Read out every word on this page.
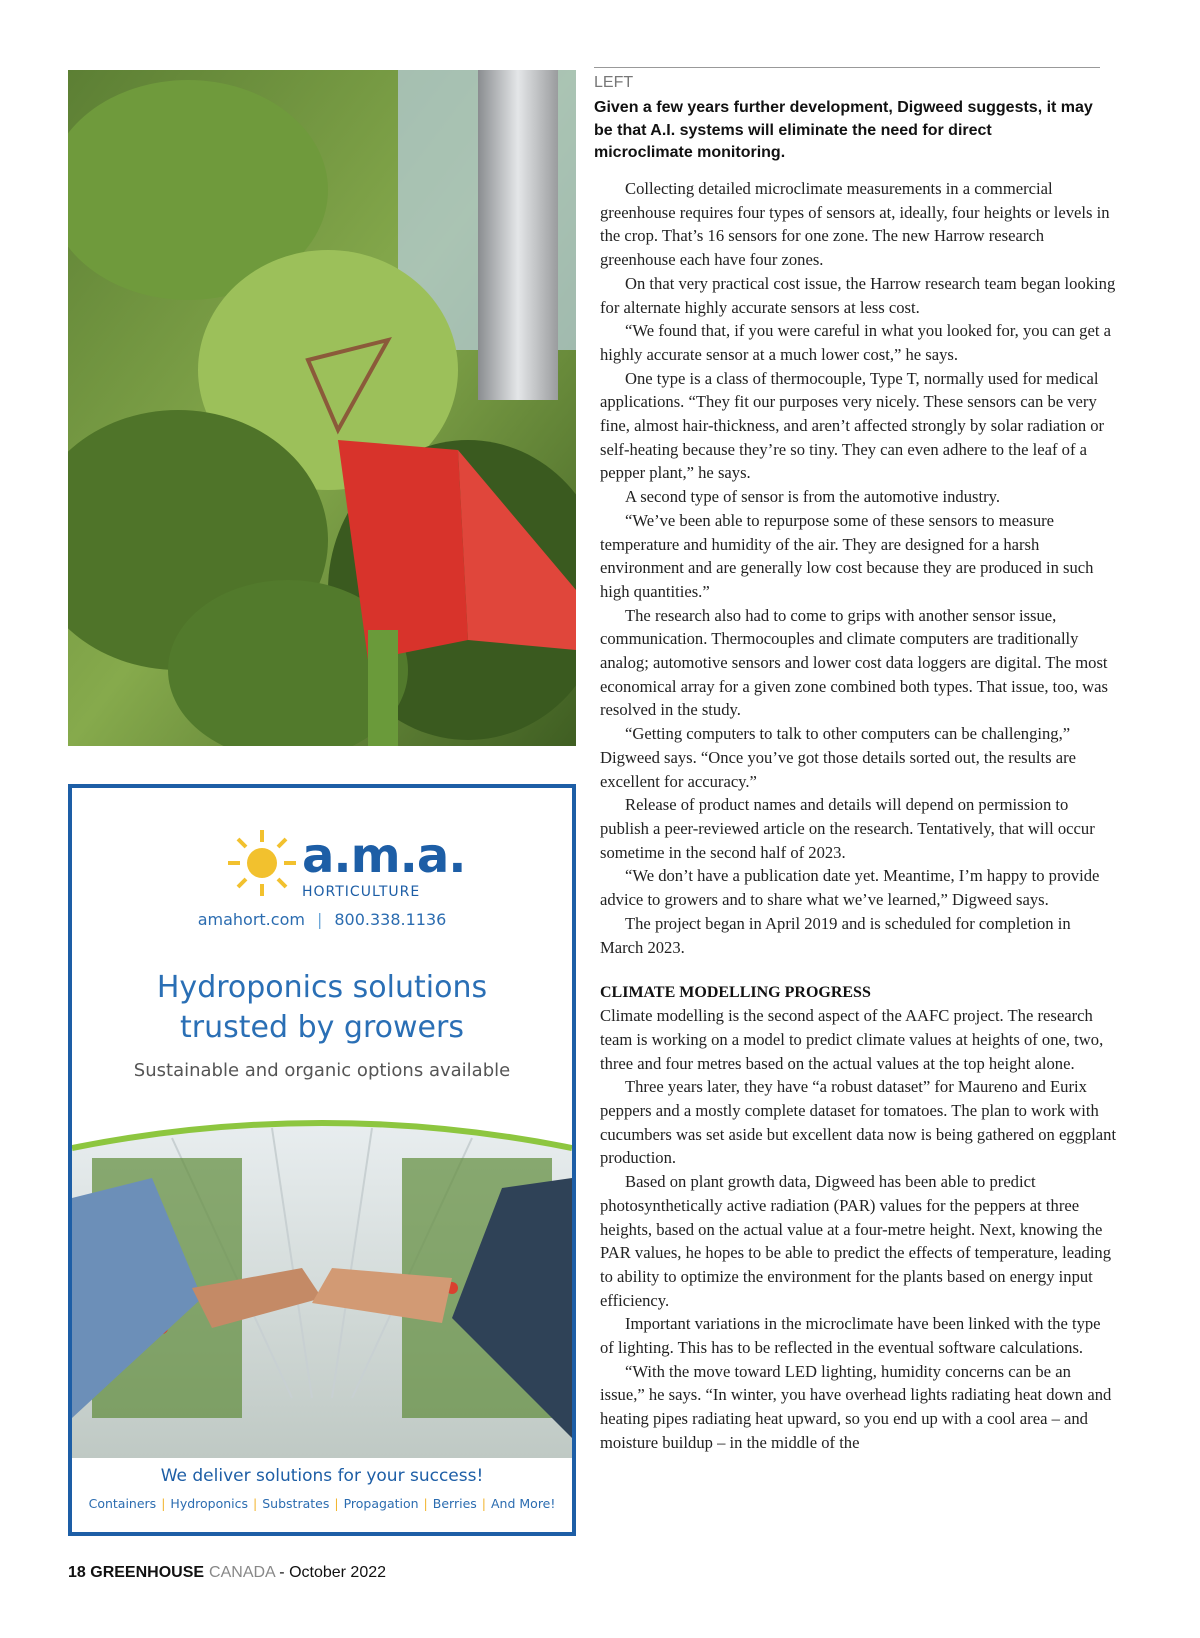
a.m.a.
HORTICULTURE
amahort.com | 800.338.1136
Hydroponics solutions
trusted by growers
Sustainable and organic options available
We deliver solutions for your success!
Containers | Hydroponics | Substrates | Propagation | Berries | And More!
LEFT
Given a few years further development, Digweed suggests, it may be that A.I. systems will eliminate the need for direct microclimate monitoring.

Collecting detailed microclimate measurements in a commercial greenhouse requires four types of sensors at, ideally, four heights or levels in the crop. That’s 16 sensors for one zone. The new Harrow research greenhouse each have four zones.

On that very practical cost issue, the Harrow research team began looking for alternate highly accurate sensors at less cost.

“We found that, if you were careful in what you looked for, you can get a highly accurate sensor at a much lower cost,” he says.

One type is a class of thermocouple, Type T, normally used for medical applications. “They fit our purposes very nicely. These sensors can be very fine, almost hair-thickness, and aren’t affected strongly by solar radiation or self-heating because they’re so tiny. They can even adhere to the leaf of a pepper plant,” he says.

A second type of sensor is from the automotive industry.

“We’ve been able to repurpose some of these sensors to measure temperature and humidity of the air. They are designed for a harsh environment and are generally low cost because they are produced in such high quantities.”

The research also had to come to grips with another sensor issue, communication. Thermocouples and climate computers are traditionally analog; automotive sensors and lower cost data loggers are digital. The most economical array for a given zone combined both types. That issue, too, was resolved in the study.

“Getting computers to talk to other computers can be challenging,” Digweed says. “Once you’ve got those details sorted out, the results are excellent for accuracy.”

Release of product names and details will depend on permission to publish a peer-reviewed article on the research. Tentatively, that will occur sometime in the second half of 2023.

“We don’t have a publication date yet. Meantime, I’m happy to provide advice to growers and to share what we’ve learned,” Digweed says.

The project began in April 2019 and is scheduled for completion in March 2023.

CLIMATE MODELLING PROGRESS

Climate modelling is the second aspect of the AAFC project. The research team is working on a model to predict climate values at heights of one, two, three and four metres based on the actual values at the top height alone.

Three years later, they have “a robust dataset” for Maureno and Eurix peppers and a mostly complete dataset for tomatoes. The plan to work with cucumbers was set aside but excellent data now is being gathered on eggplant production.

Based on plant growth data, Digweed has been able to predict photosynthetically active radiation (PAR) values for the peppers at three heights, based on the actual value at a four-metre height. Next, knowing the PAR values, he hopes to be able to predict the effects of temperature, leading to ability to optimize the environment for the plants based on energy input efficiency.

Important variations in the microclimate have been linked with the type of lighting. This has to be reflected in the eventual software calculations.

“With the move toward LED lighting, humidity concerns can be an issue,” he says. “In winter, you have overhead lights radiating heat down and heating pipes radiating heat upward, so you end up with a cool area – and moisture buildup – in the middle of the

18 GREENHOUSE CANADA - October 2022
